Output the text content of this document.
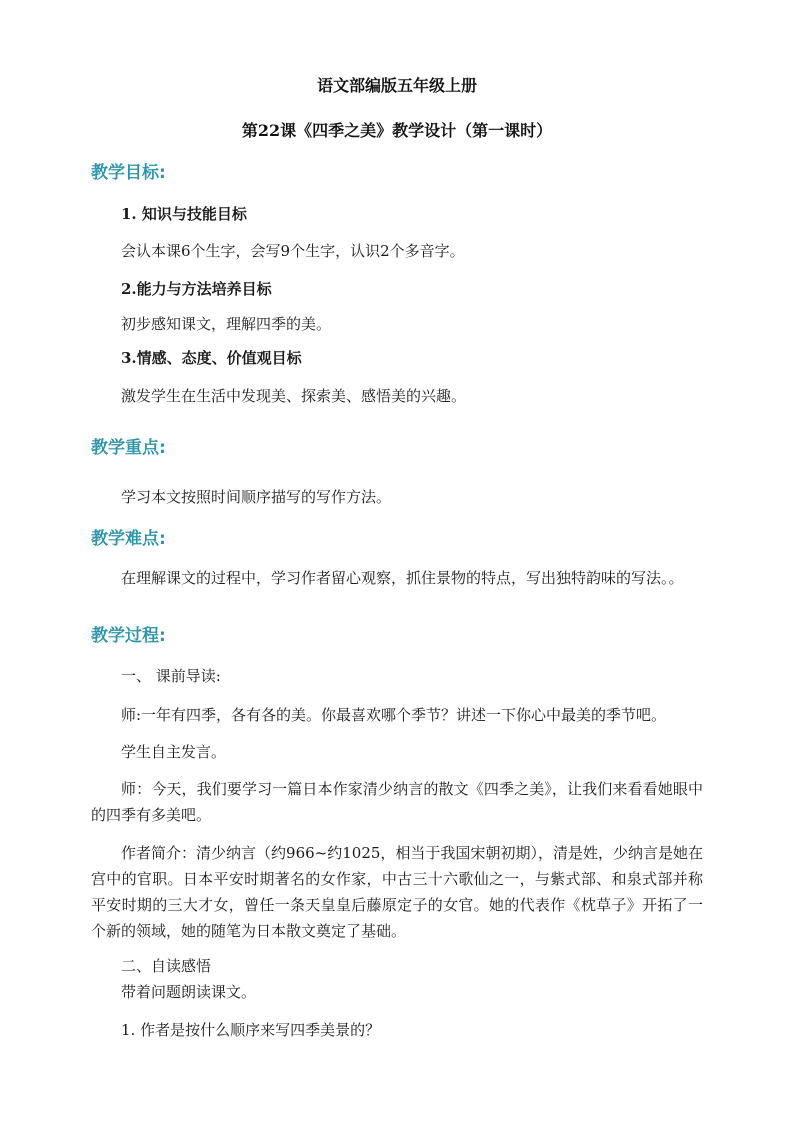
语文部编版五年级上册
第22课《四季之美》教学设计（第一课时）
教学目标:
1. 知识与技能目标
会认本课6个生字，会写9个生字，认识2个多音字。
2.能力与方法培养目标
初步感知课文，理解四季的美。
3.情感、态度、价值观目标
激发学生在生活中发现美、探索美、感悟美的兴趣。
教学重点:
学习本文按照时间顺序描写的写作方法。
教学难点:
在理解课文的过程中，学习作者留心观察，抓住景物的特点，写出独特韵味的写法。。
教学过程:
一、 课前导读:
师:一年有四季，各有各的美。你最喜欢哪个季节？讲述一下你心中最美的季节吧。
学生自主发言。
师：今天，我们要学习一篇日本作家清少纳言的散文《四季之美》，让我们来看看她眼中的四季有多美吧。
作者简介：清少纳言（约966~约1025，相当于我国宋朝初期），清是姓，少纳言是她在宫中的官职。日本平安时期著名的女作家，中古三十六歌仙之一，与紫式部、和泉式部并称平安时期的三大才女，曾任一条天皇皇后藤原定子的女官。她的代表作《枕草子》开拓了一个新的领域，她的随笔为日本散文奠定了基础。
二、自读感悟
带着问题朗读课文。
1. 作者是按什么顺序来写四季美景的？
